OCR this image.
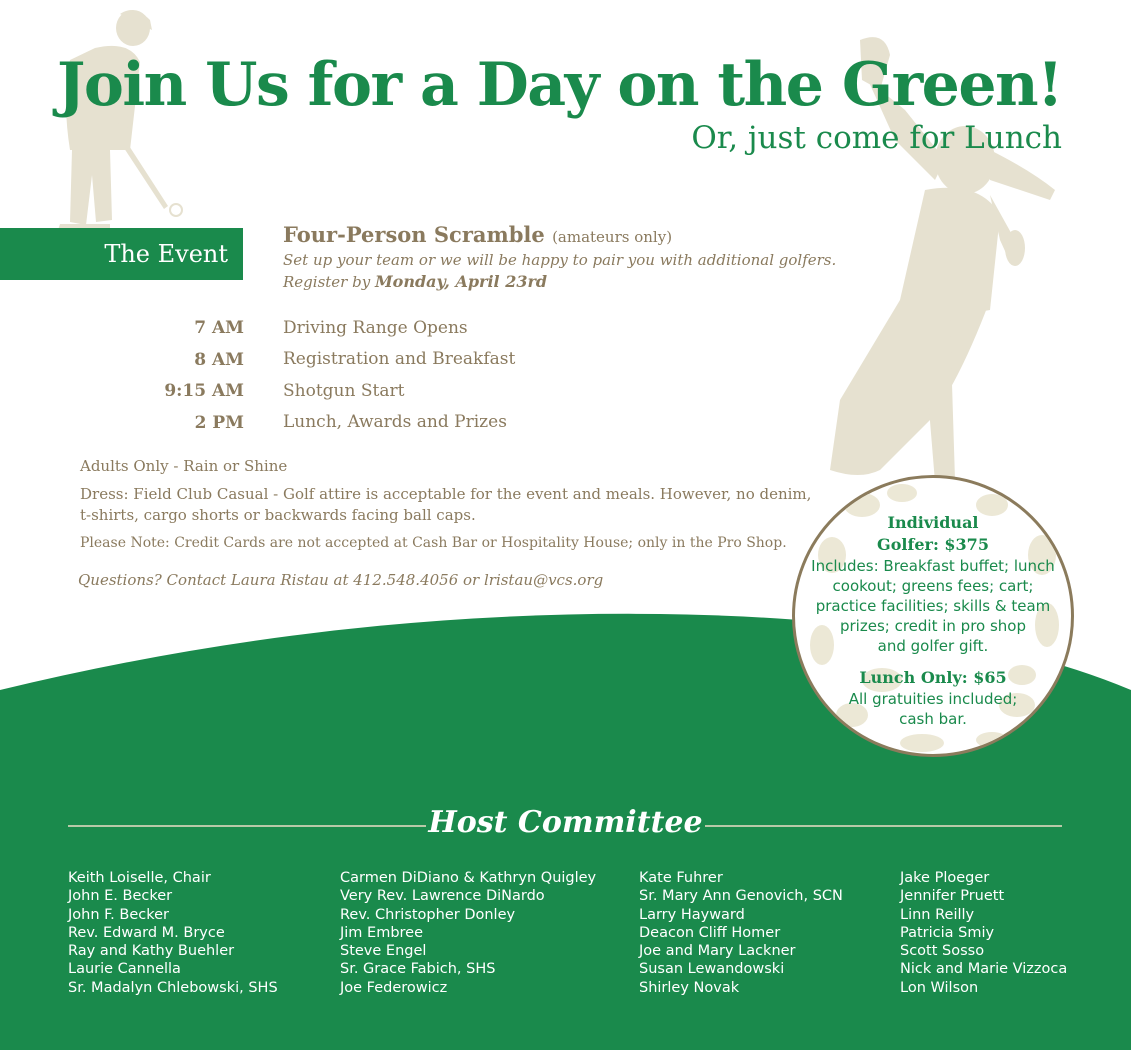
Join Us for a Day on the Green!
Or, just come for Lunch
The Event
Four-Person Scramble (amateurs only)
Set up your team or we will be happy to pair you with additional golfers.
Register by Monday, April 23rd
7 AM Driving Range Opens
8 AM Registration and Breakfast
9:15 AM Shotgun Start
2 PM Lunch, Awards and Prizes
Adults Only - Rain or Shine
Dress: Field Club Casual - Golf attire is acceptable for the event and meals. However, no denim,
t-shirts, cargo shorts or backwards facing ball caps.
Please Note: Credit Cards are not accepted at Cash Bar or Hospitality House; only in the Pro Shop.
Questions? Contact Laura Ristau at 412.548.4056 or lristau@vcs.org
Individual
Golfer: $375
Includes: Breakfast buffet; lunch
cookout; greens fees; cart;
practice facilities; skills & team
prizes; credit in pro shop
and golfer gift.
Lunch Only: $65
All gratuities included;
cash bar.
Host Committee
Keith Loiselle, Chair
John E. Becker
John F. Becker
Rev. Edward M. Bryce
Ray and Kathy Buehler
Laurie Cannella
Sr. Madalyn Chlebowski, SHS
Carmen DiDiano & Kathryn Quigley
Very Rev. Lawrence DiNardo
Rev. Christopher Donley
Jim Embree
Steve Engel
Sr. Grace Fabich, SHS
Joe Federowicz
Kate Fuhrer
Sr. Mary Ann Genovich, SCN
Larry Hayward
Deacon Cliff Homer
Joe and Mary Lackner
Susan Lewandowski
Shirley Novak
Jake Ploeger
Jennifer Pruett
Linn Reilly
Patricia Smiy
Scott Sosso
Nick and Marie Vizzoca
Lon Wilson
